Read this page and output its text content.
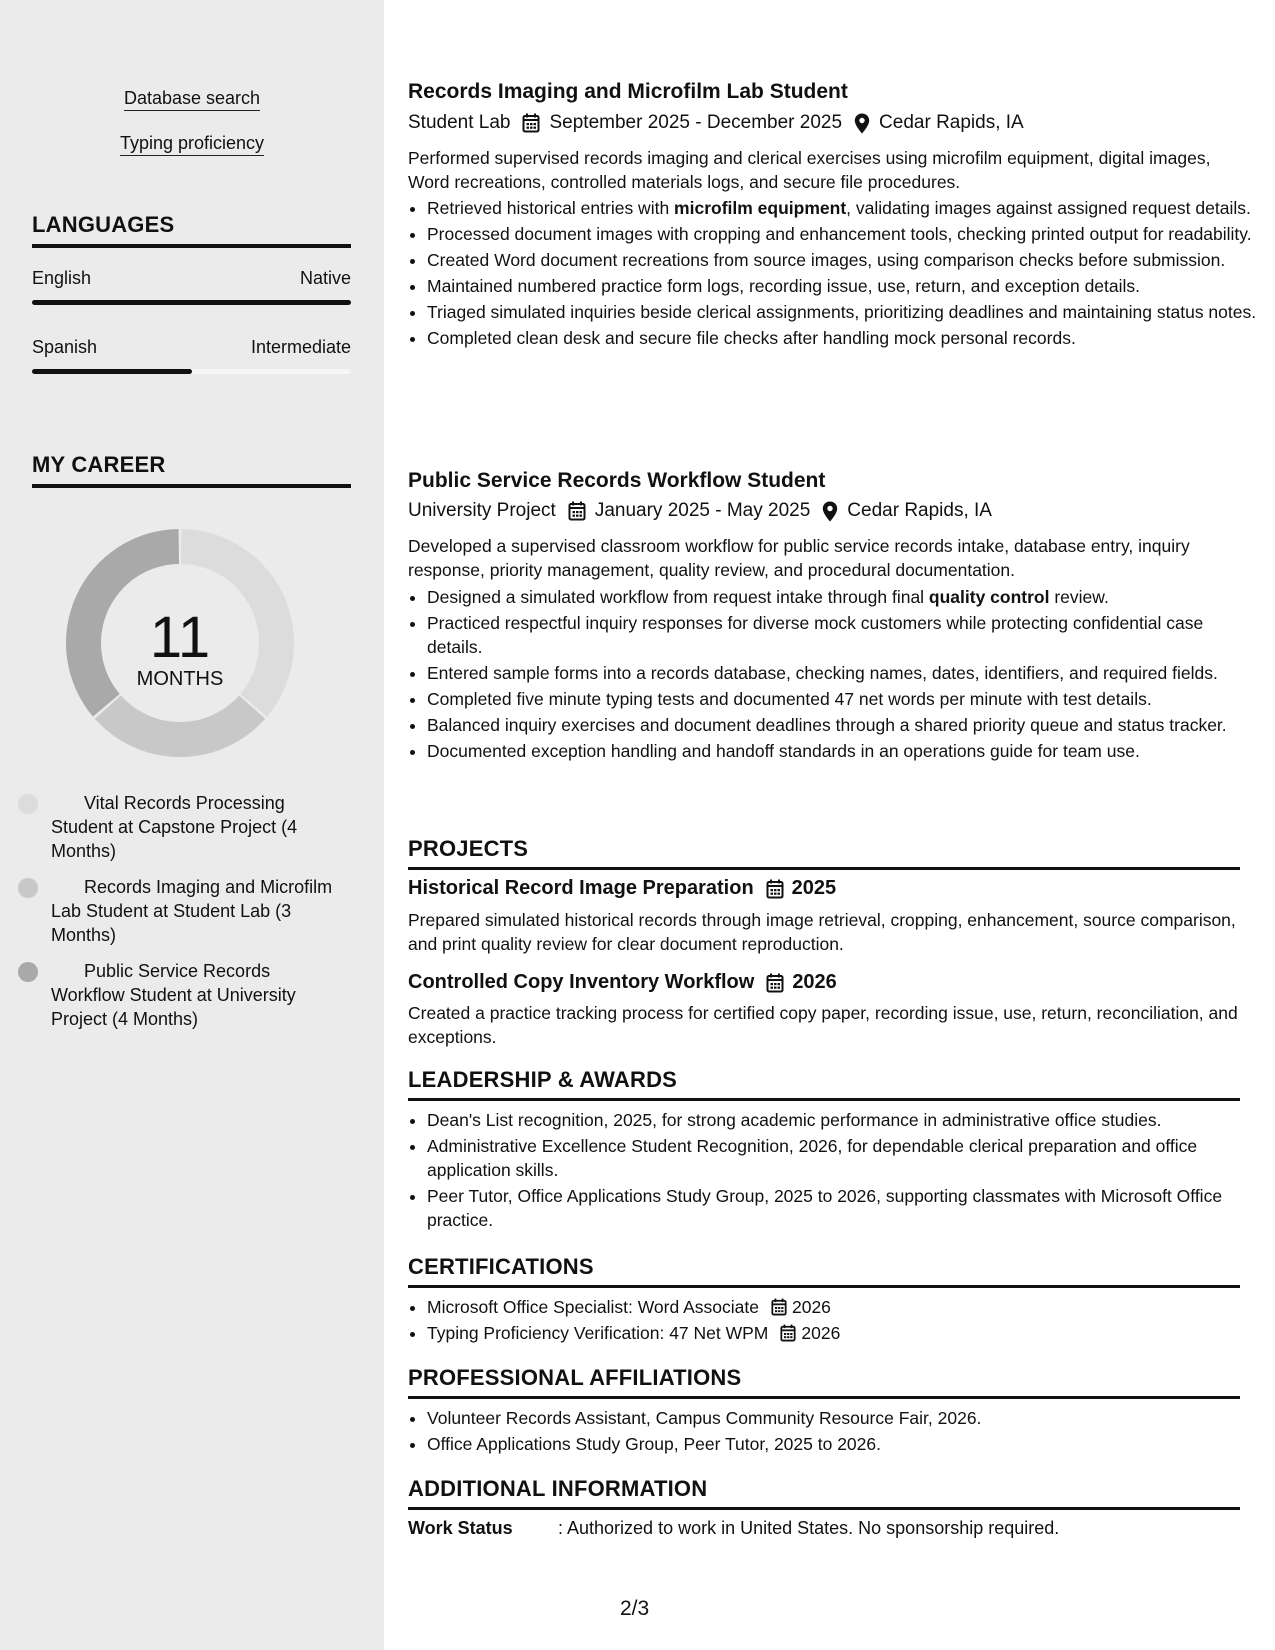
Database search
Typing proficiency
LANGUAGES
English	Native
Spanish	Intermediate
MY CAREER
11
MONTHS
Vital Records Processing Student at Capstone Project (4 Months)
Records Imaging and Microfilm Lab Student at Student Lab (3 Months)
Public Service Records Workflow Student at University Project (4 Months)
Records Imaging and Microfilm Lab Student
Student Lab September 2025 - December 2025 Cedar Rapids, IA
Performed supervised records imaging and clerical exercises using microfilm equipment, digital images, Word recreations, controlled materials logs, and secure file procedures.
• Retrieved historical entries with microfilm equipment, validating images against assigned request details.
• Processed document images with cropping and enhancement tools, checking printed output for readability.
• Created Word document recreations from source images, using comparison checks before submission.
• Maintained numbered practice form logs, recording issue, use, return, and exception details.
• Triaged simulated inquiries beside clerical assignments, prioritizing deadlines and maintaining status notes.
• Completed clean desk and secure file checks after handling mock personal records.
Public Service Records Workflow Student
University Project January 2025 - May 2025 Cedar Rapids, IA
Developed a supervised classroom workflow for public service records intake, database entry, inquiry response, priority management, quality review, and procedural documentation.
• Designed a simulated workflow from request intake through final quality control review.
• Practiced respectful inquiry responses for diverse mock customers while protecting confidential case details.
• Entered sample forms into a records database, checking names, dates, identifiers, and required fields.
• Completed five minute typing tests and documented 47 net words per minute with test details.
• Balanced inquiry exercises and document deadlines through a shared priority queue and status tracker.
• Documented exception handling and handoff standards in an operations guide for team use.
PROJECTS
Historical Record Image Preparation 2025
Prepared simulated historical records through image retrieval, cropping, enhancement, source comparison, and print quality review for clear document reproduction.
Controlled Copy Inventory Workflow 2026
Created a practice tracking process for certified copy paper, recording issue, use, return, reconciliation, and exceptions.
LEADERSHIP & AWARDS
• Dean's List recognition, 2025, for strong academic performance in administrative office studies.
• Administrative Excellence Student Recognition, 2026, for dependable clerical preparation and office application skills.
• Peer Tutor, Office Applications Study Group, 2025 to 2026, supporting classmates with Microsoft Office practice.
CERTIFICATIONS
• Microsoft Office Specialist: Word Associate 2026
• Typing Proficiency Verification: 47 Net WPM 2026
PROFESSIONAL AFFILIATIONS
• Volunteer Records Assistant, Campus Community Resource Fair, 2026.
• Office Applications Study Group, Peer Tutor, 2025 to 2026.
ADDITIONAL INFORMATION
Work Status	: Authorized to work in United States. No sponsorship required.
2/3
